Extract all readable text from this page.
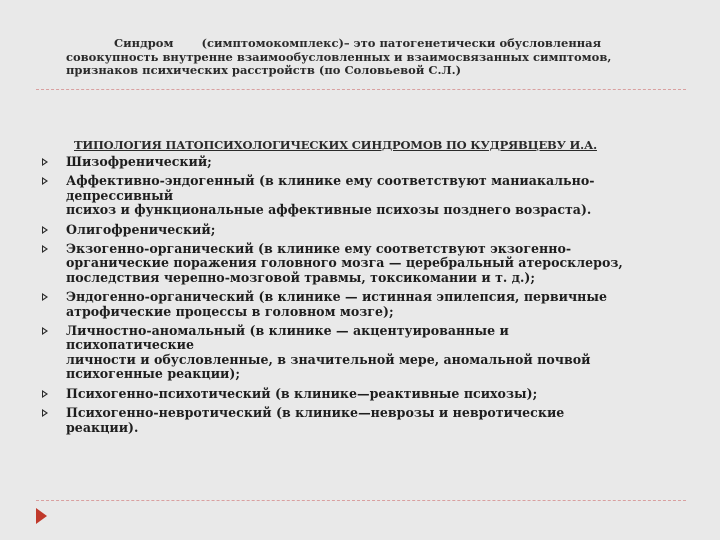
Синдром (симптомокомплекс)– это патогенетически обусловленная
совокупность внутренне взаимообусловленных и взаимосвязанных симптомов,
признаков психических расстройств (по Соловьевой С.Л.)
ТИПОЛОГИЯ ПАТОПСИХОЛОГИЧЕСКИХ СИНДРОМОВ ПО КУДРЯВЦЕВУ И.А.
Шизофренический;
Аффективно-эндогенный (в клинике ему соответствуют маниакально-
депрессивный
психоз и функциональные аффективные психозы позднего возраста).
Олигофренический;
Экзогенно-органический (в клинике ему соответствуют экзогенно-
органические поражения головного мозга — церебральный атеросклероз,
последствия черепно-мозговой травмы, токсикомании и т. д.);
Эндогенно-органический (в клинике — истинная эпилепсия, первичные
атрофические процессы в головном мозге);
Личностно-аномальный (в клинике — акцентуированные и
психопатические
личности и обусловленные, в значительной мере, аномальной почвой
психогенные реакции);
Психогенно-психотический (в клинике—реактивные психозы);
Психогенно-невротический (в клинике—неврозы и невротические
реакции).
